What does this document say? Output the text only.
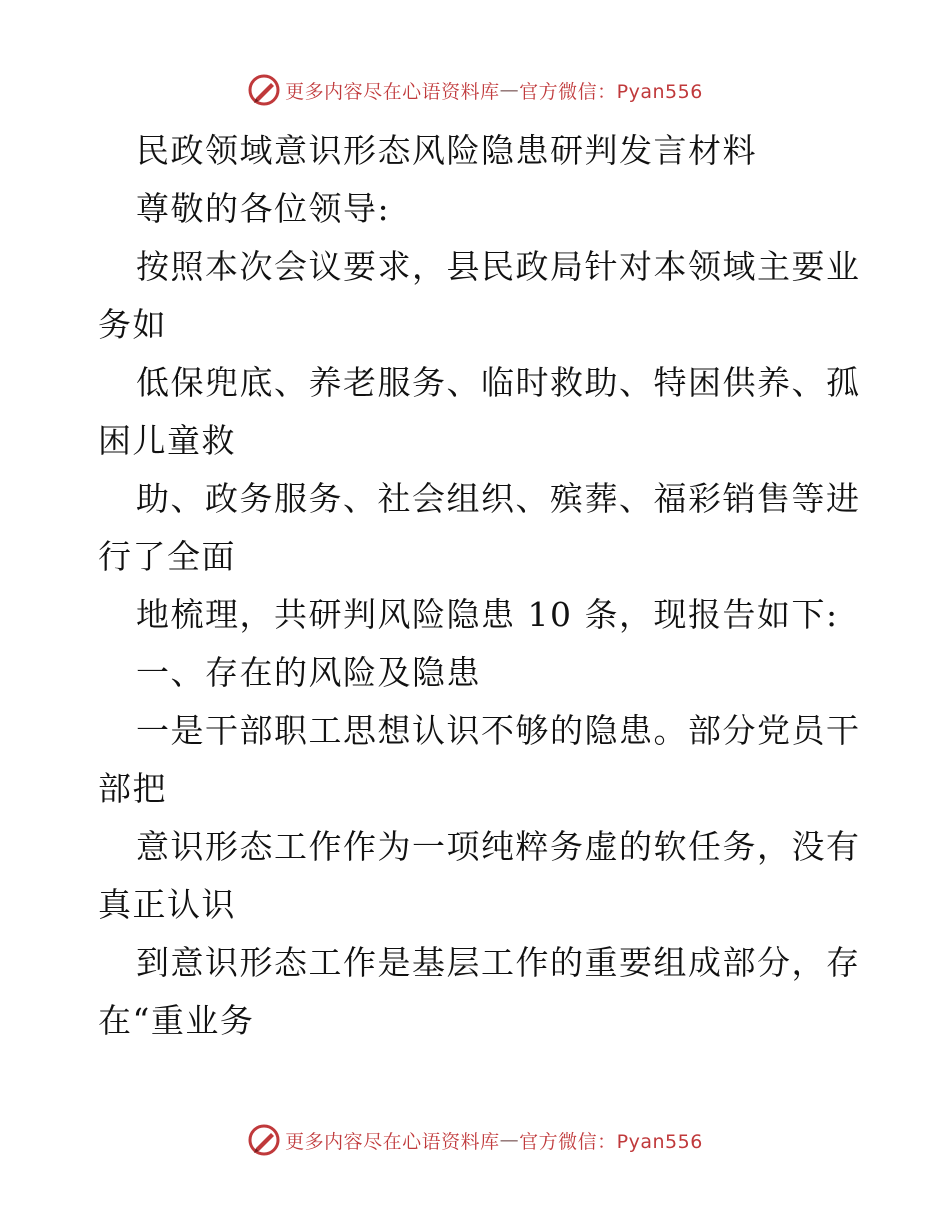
更多内容尽在心语资料库 — 官方微信：Pyan556
民政领域意识形态风险隐患研判发言材料
尊敬的各位领导:
按照本次会议要求，县民政局针对本领域主要业
务如
低保兜底、养老服务、临时救助、特困供养、孤
困儿童救
助、政务服务、社会组织、殡葬、福彩销售等进
行了全面
地梳理，共研判风险隐患 10 条，现报告如下:
一、存在的风险及隐患
一是干部职工思想认识不够的隐患。部分党员干
部把
意识形态工作作为一项纯粹务虚的软任务，没有
真正认识
到意识形态工作是基层工作的重要组成部分，存
在“重业务
更多内容尽在心语资料库 — 官方微信：Pyan556
